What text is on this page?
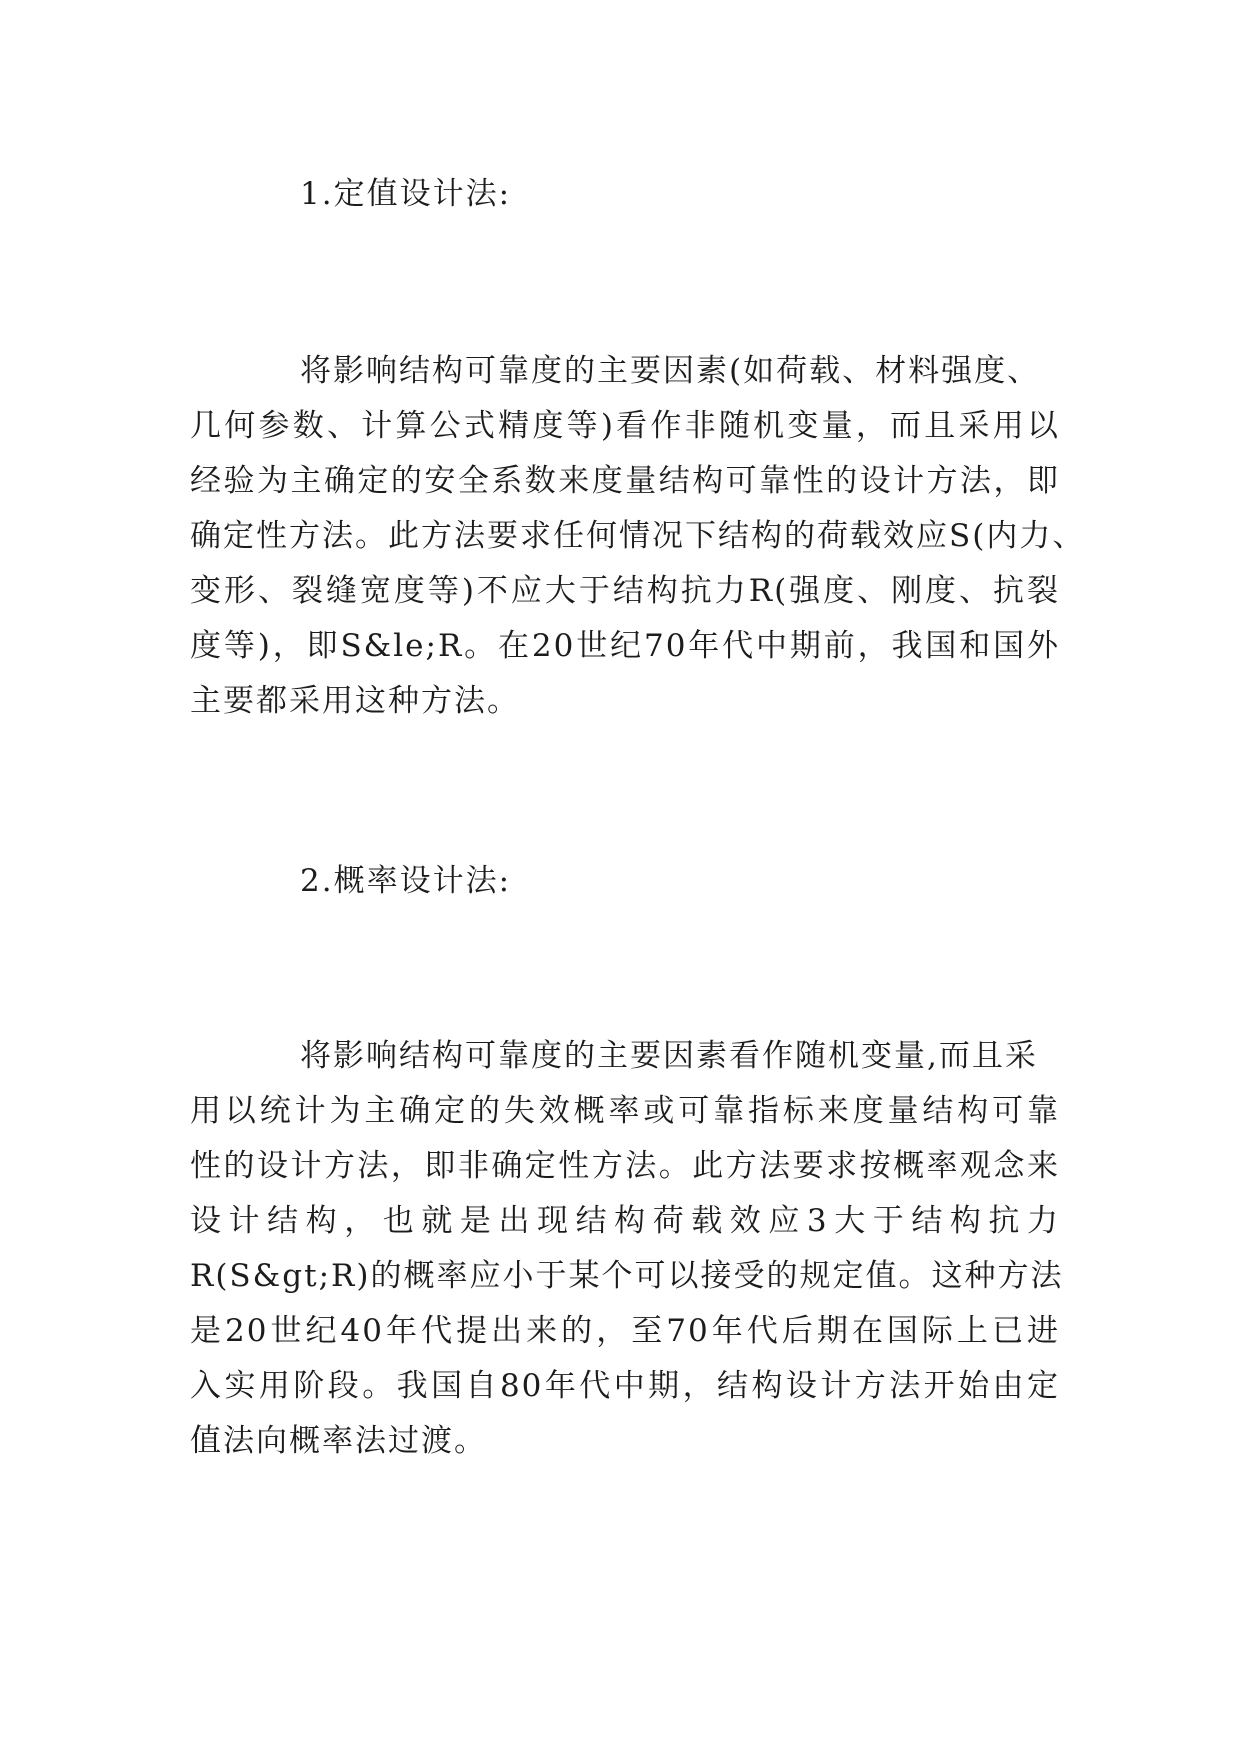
1.定值设计法:

将影响结构可靠度的主要因素(如荷载、材料强度、

几何参数、计算公式精度等)看作非随机变量，而且采用以

经验为主确定的安全系数来度量结构可靠性的设计方法，即

确定性方法。此方法要求任何情况下结构的荷载效应S(内力、

变形、裂缝宽度等)不应大于结构抗力R(强度、刚度、抗裂

度等)，即S&le;R。在20世纪70年代中期前，我国和国外

主要都采用这种方法。

2.概率设计法:

将影响结构可靠度的主要因素看作随机变量,而且采

用以统计为主确定的失效概率或可靠指标来度量结构可靠

性的设计方法，即非确定性方法。此方法要求按概率观念来

设计结构，也就是出现结构荷载效应3大于结构抗力

R(S&gt;R)的概率应小于某个可以接受的规定值。这种方法

是20世纪40年代提出来的，至70年代后期在国际上已进

入实用阶段。我国自80年代中期，结构设计方法开始由定

值法向概率法过渡。
